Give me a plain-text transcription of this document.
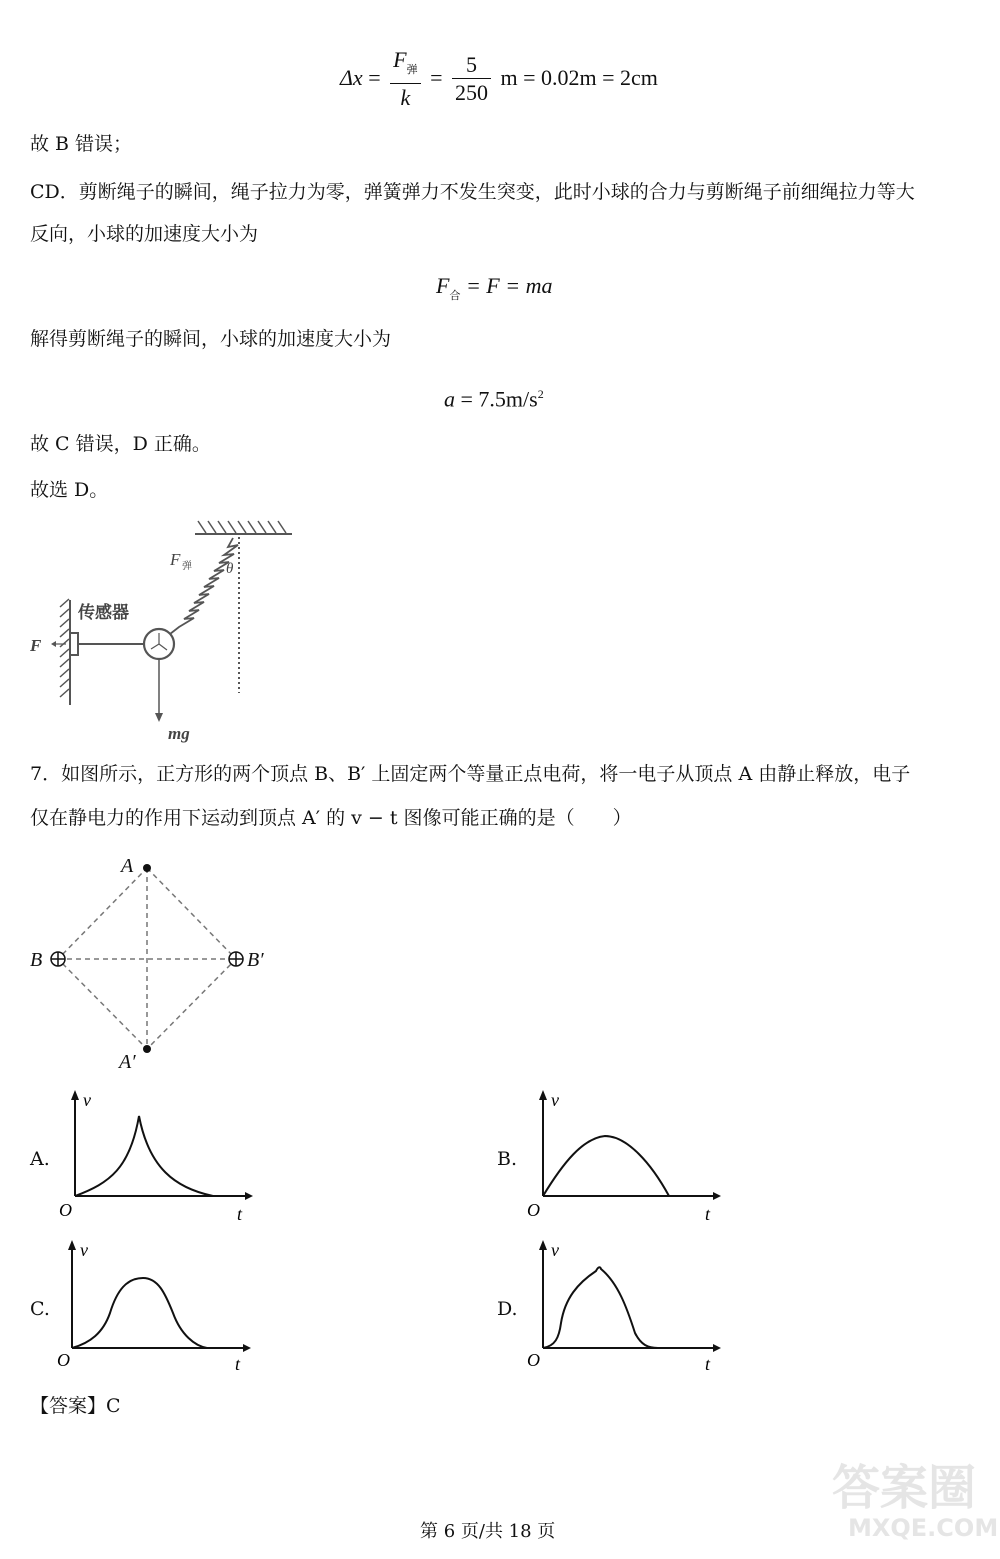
$\Delta x = \frac{F_弹}{k} = \frac{5}{250}$ m = 0.02m = 2cm
故 B 错误；
CD．剪断绳子的瞬间，绳子拉力为零，弹簧弹力不发生突变，此时小球的合力与剪断绳子前细绳拉力等大
反向，小球的加速度大小为
$F_合 = F$ = ma
解得剪断绳子的瞬间，小球的加速度大小为
$a = 7.5m/s^2$
故 C 错误，D 正确。
故选 D。
F 弹 θ
传感器
F
mg
7．如图所示，正方形的两个顶点 B、B′ 上固定两个等量正点电荷，将一电子从顶点 A 由静止释放，电子
仅在静电力的作用下运动到顶点 A′ 的 v − t 图像可能正确的是（　　）
A
B	B′
A′
A.
v
t
O
B.
v
t
O
C.
v
t
O
D.
v
t
O
【答案】C
答案圈
MXQE.COM
第 6 页/共 18 页
